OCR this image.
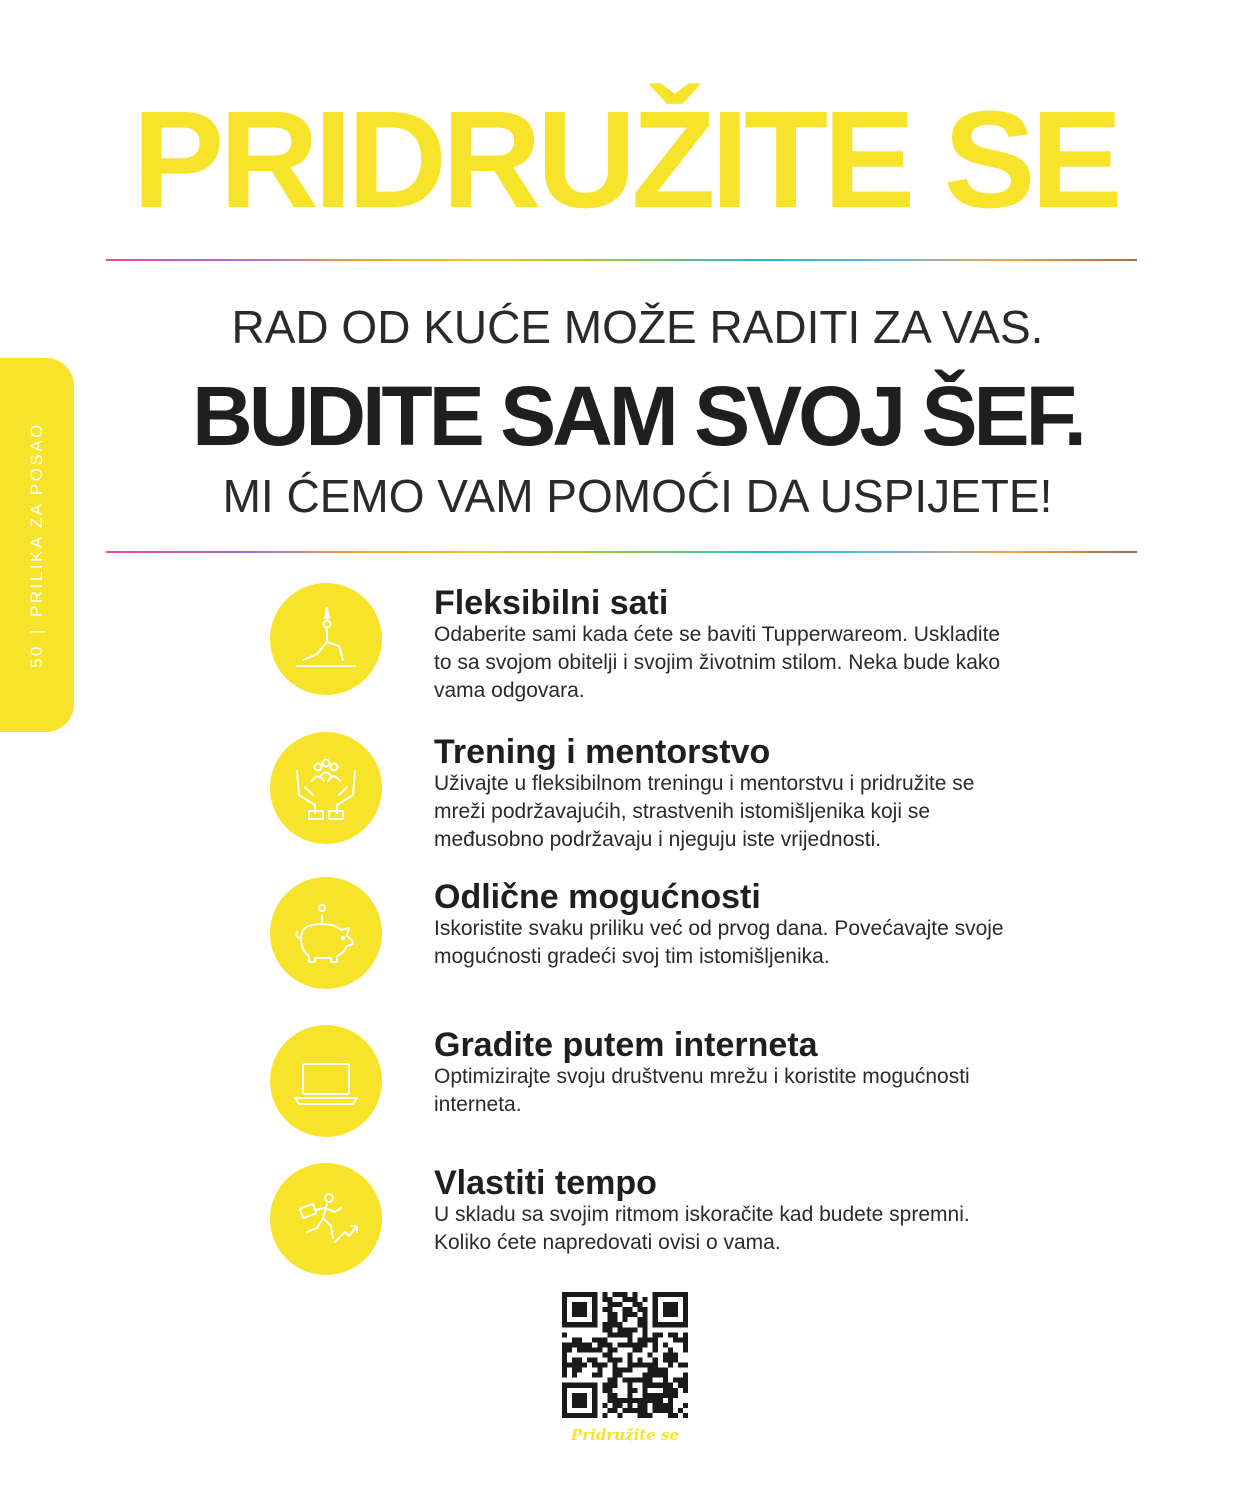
50|PRILIKA ZA POSAO
PRIDRUŽITE SE
RAD OD KUĆE MOŽE RADITI ZA VAS.
BUDITE SAM SVOJ ŠEF.
MI ĆEMO VAM POMOĆI DA USPIJETE!
Fleksibilni sati
Odaberite sami kada ćete se baviti Tupperwareom. Uskladite
to sa svojom obitelji i svojim životnim stilom. Neka bude kako
vama odgovara.
Trening i mentorstvo
Uživajte u fleksibilnom treningu i mentorstvu i pridružite se
mreži podržavajućih, strastvenih istomišljenika koji se
međusobno podržavaju i njeguju iste vrijednosti.
Odlične mogućnosti
Iskoristite svaku priliku već od prvog dana. Povećavajte svoje
mogućnosti gradeći svoj tim istomišljenika.
Gradite putem interneta
Optimizirajte svoju društvenu mrežu i koristite mogućnosti
interneta.
Vlastiti tempo
U skladu sa svojim ritmom iskoračite kad budete spremni.
Koliko ćete napredovati ovisi o vama.
Pridružite se
